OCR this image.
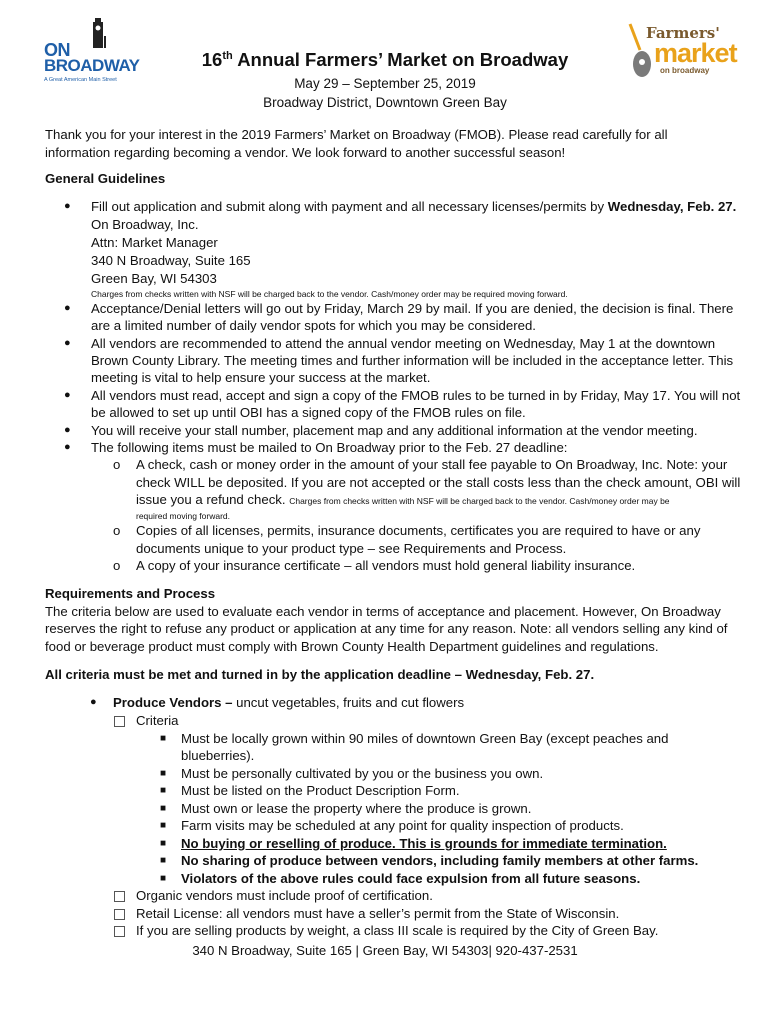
ON
BROADWAY
A Great American Main Street
Farmers'
market
on broadway
16th Annual Farmers’ Market on Broadway
May 29 – September 25, 2019
Broadway District, Downtown Green Bay
Thank you for your interest in the 2019 Farmers’ Market on Broadway (FMOB). Please read carefully for all information regarding becoming a vendor. We look forward to another successful season!
General Guidelines
● Fill out application and submit along with payment and all necessary licenses/permits by Wednesday, Feb. 27.
On Broadway, Inc.
Attn: Market Manager
340 N Broadway, Suite 165
Green Bay, WI 54303
Charges from checks written with NSF will be charged back to the vendor. Cash/money order may be required moving forward.
● Acceptance/Denial letters will go out by Friday, March 29 by mail. If you are denied, the decision is final. There
are a limited number of daily vendor spots for which you may be considered.
● All vendors are recommended to attend the annual vendor meeting on Wednesday, May 1 at the downtown
Brown County Library. The meeting times and further information will be included in the acceptance letter. This
meeting is vital to help ensure your success at the market.
● All vendors must read, accept and sign a copy of the FMOB rules to be turned in by Friday, May 17. You will not
be allowed to set up until OBI has a signed copy of the FMOB rules on file.
● You will receive your stall number, placement map and any additional information at the vendor meeting.
● The following items must be mailed to On Broadway prior to the Feb. 27 deadline:
o A check, cash or money order in the amount of your stall fee payable to On Broadway, Inc. Note: your
check WILL be deposited. If you are not accepted or the stall costs less than the check amount, OBI will
issue you a refund check. Charges from checks written with NSF will be charged back to the vendor. Cash/money order may be
required moving forward.
o Copies of all licenses, permits, insurance documents, certificates you are required to have or any
documents unique to your product type – see Requirements and Process.
o A copy of your insurance certificate – all vendors must hold general liability insurance.
Requirements and Process
The criteria below are used to evaluate each vendor in terms of acceptance and placement. However, On Broadway
reserves the right to refuse any product or application at any time for any reason. Note: all vendors selling any kind of
food or beverage product must comply with Brown County Health Department guidelines and regulations.
All criteria must be met and turned in by the application deadline – Wednesday, Feb. 27.
● Produce Vendors – uncut vegetables, fruits and cut flowers
Criteria
■ Must be locally grown within 90 miles of downtown Green Bay (except peaches and
blueberries).
■ Must be personally cultivated by you or the business you own.
■ Must be listed on the Product Description Form.
■ Must own or lease the property where the produce is grown.
■ Farm visits may be scheduled at any point for quality inspection of products.
■ No buying or reselling of produce. This is grounds for immediate termination.
■ No sharing of produce between vendors, including family members at other farms.
■ Violators of the above rules could face expulsion from all future seasons.
Organic vendors must include proof of certification.
Retail License: all vendors must have a seller’s permit from the State of Wisconsin.
If you are selling products by weight, a class III scale is required by the City of Green Bay.
340 N Broadway, Suite 165 | Green Bay, WI 54303| 920-437-2531
